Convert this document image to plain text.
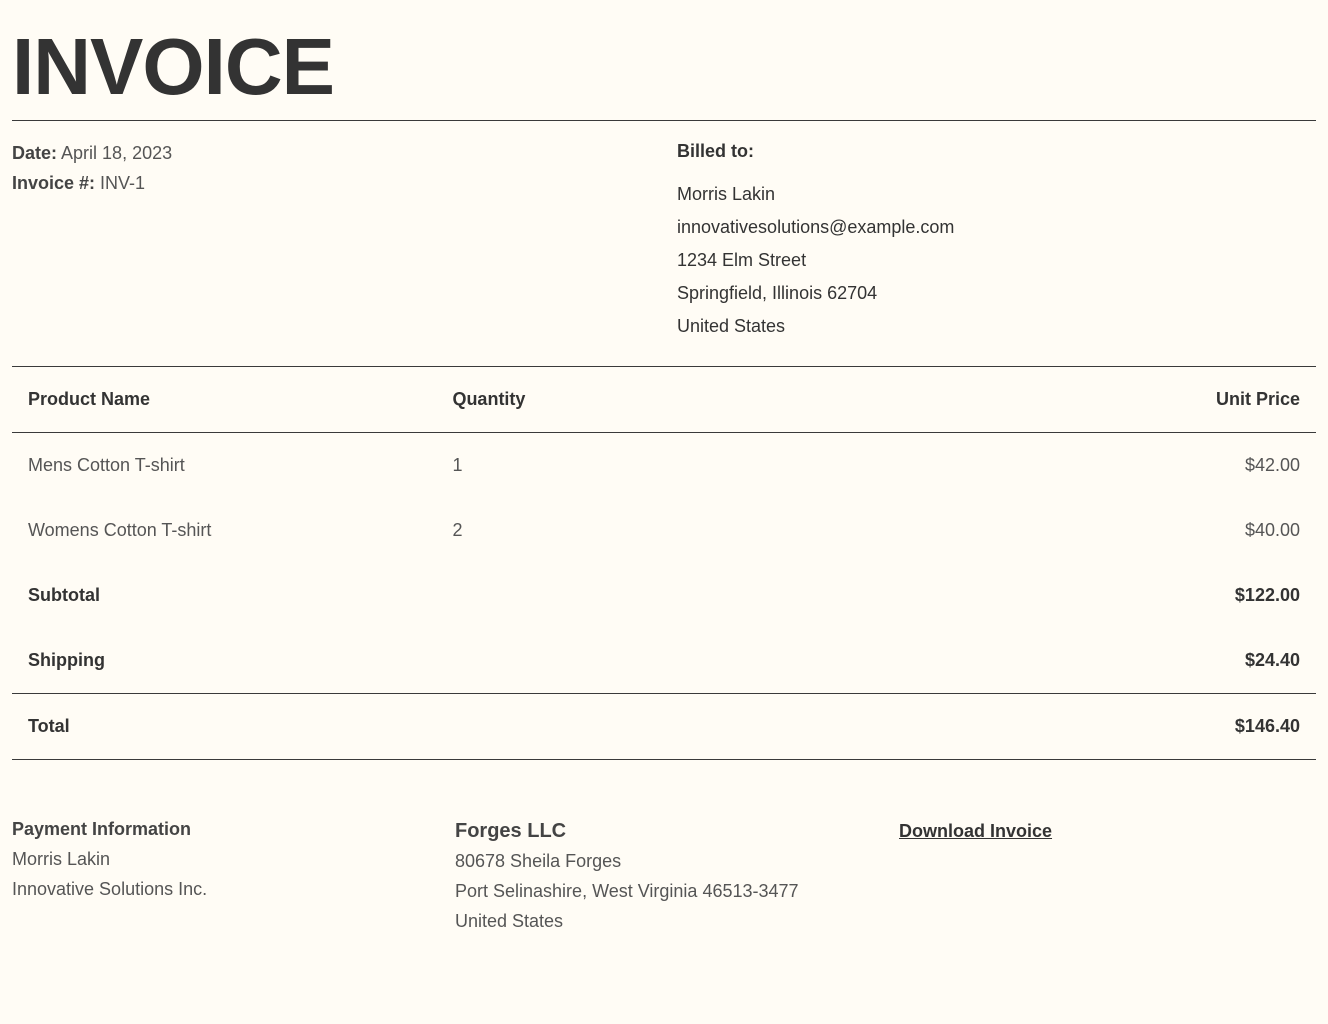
INVOICE
Date: April 18, 2023
Invoice #: INV-1
Billed to:
Morris Lakin
innovativesolutions@example.com
1234 Elm Street
Springfield, Illinois 62704
United States
Product Name	Quantity	Unit Price
Mens Cotton T-shirt	1	$42.00
Womens Cotton T-shirt	2	$40.00
Subtotal		$122.00
Shipping		$24.40
Total		$146.40
Payment Information
Morris Lakin
Innovative Solutions Inc.
Forges LLC
80678 Sheila Forges
Port Selinashire, West Virginia 46513-3477
United States
Download Invoice
